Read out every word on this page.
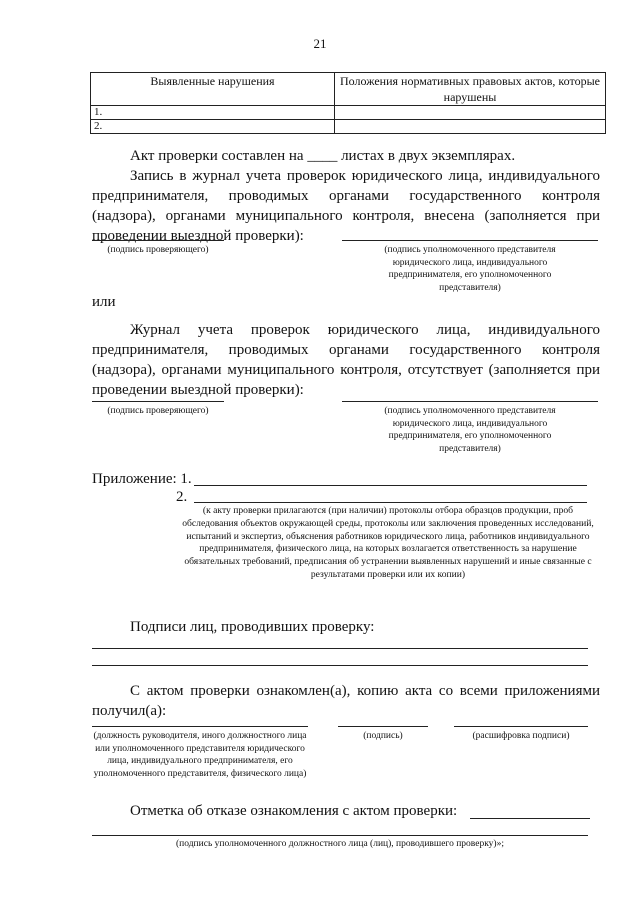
21
Выявленные нарушения	Положения нормативных правовых актов, которые нарушены
1.	
2.	
Акт проверки составлен на ____ листах в двух экземплярах.
Запись в журнал учета проверок юридического лица, индивидуального предпринимателя, проводимых органами государственного контроля (надзора), органами муниципального контроля, внесена (заполняется при проведении выездной проверки):
(подпись проверяющего)	(подпись уполномоченного представителя юридического лица, индивидуального предпринимателя, его уполномоченного представителя)
или
Журнал учета проверок юридического лица, индивидуального предпринимателя, проводимых органами государственного контроля (надзора), органами муниципального контроля, отсутствует (заполняется при проведении выездной проверки):
(подпись проверяющего)	(подпись уполномоченного представителя юридического лица, индивидуального предпринимателя, его уполномоченного представителя)
Приложение: 1.
2.
(к акту проверки прилагаются (при наличии) протоколы отбора образцов продукции, проб обследования объектов окружающей среды, протоколы или заключения проведенных исследований, испытаний и экспертиз, объяснения работников юридического лица, работников индивидуального предпринимателя, физического лица, на которых возлагается ответственность за нарушение обязательных требований, предписания об устранении выявленных нарушений и иные связанные с результатами проверки или их копии)
Подписи лиц, проводивших проверку:
С актом проверки ознакомлен(а), копию акта со всеми приложениями получил(а):
(должность руководителя, иного должностного лица или уполномоченного представителя юридического лица, индивидуального предпринимателя, его уполномоченного представителя, физического лица)
(подпись)	(расшифровка подписи)
Отметка об отказе ознакомления с актом проверки:
(подпись уполномоченного должностного лица (лиц), проводившего проверку)»;
